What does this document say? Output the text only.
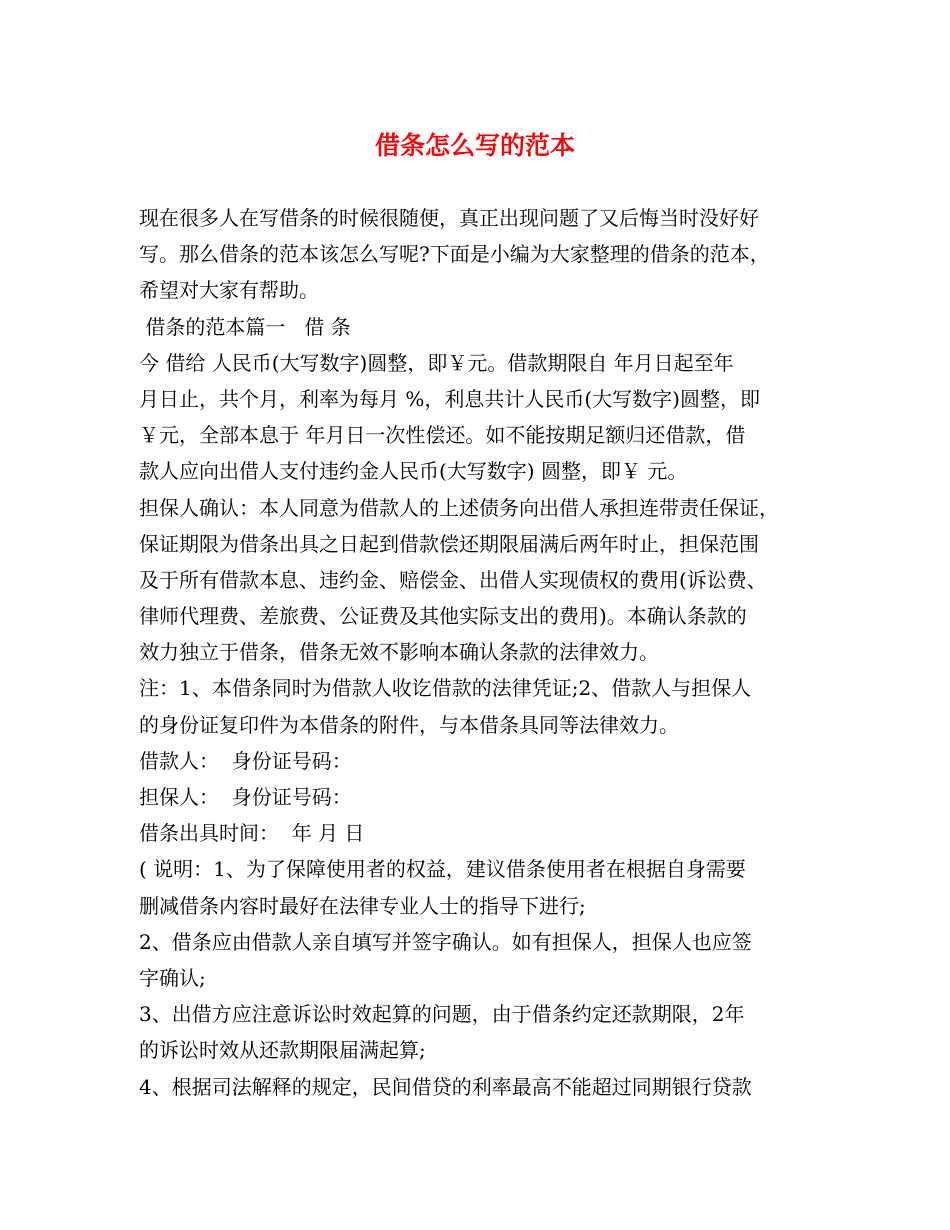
借条怎么写的范本
现在很多人在写借条的时候很随便，真正出现问题了又后悔当时没好好
写。那么借条的范本该怎么写呢?下面是小编为大家整理的借条的范本，
希望对大家有帮助。
借条的范本篇一   借 条
今 借给 人民币(大写数字)圆整，即￥元。借款期限自 年月日起至年
月日止，共个月，利率为每月 %，利息共计人民币(大写数字)圆整，即
￥元，全部本息于 年月日一次性偿还。如不能按期足额归还借款，借
款人应向出借人支付违约金人民币(大写数字) 圆整，即￥ 元。
担保人确认：本人同意为借款人的上述债务向出借人承担连带责任保证，
保证期限为借条出具之日起到借款偿还期限届满后两年时止，担保范围
及于所有借款本息、违约金、赔偿金、出借人实现债权的费用(诉讼费、
律师代理费、差旅费、公证费及其他实际支出的费用)。本确认条款的
效力独立于借条，借条无效不影响本确认条款的法律效力。
注：1、本借条同时为借款人收讫借款的法律凭证;2、借款人与担保人
的身份证复印件为本借条的附件，与本借条具同等法律效力。
借款人：  身份证号码：
担保人：  身份证号码：
借条出具时间：  年 月 日
( 说明：1、为了保障使用者的权益，建议借条使用者在根据自身需要
删减借条内容时最好在法律专业人士的指导下进行;
2、借条应由借款人亲自填写并签字确认。如有担保人，担保人也应签
字确认;
3、出借方应注意诉讼时效起算的问题，由于借条约定还款期限，2年
的诉讼时效从还款期限届满起算;
4、根据司法解释的规定，民间借贷的利率最高不能超过同期银行贷款
